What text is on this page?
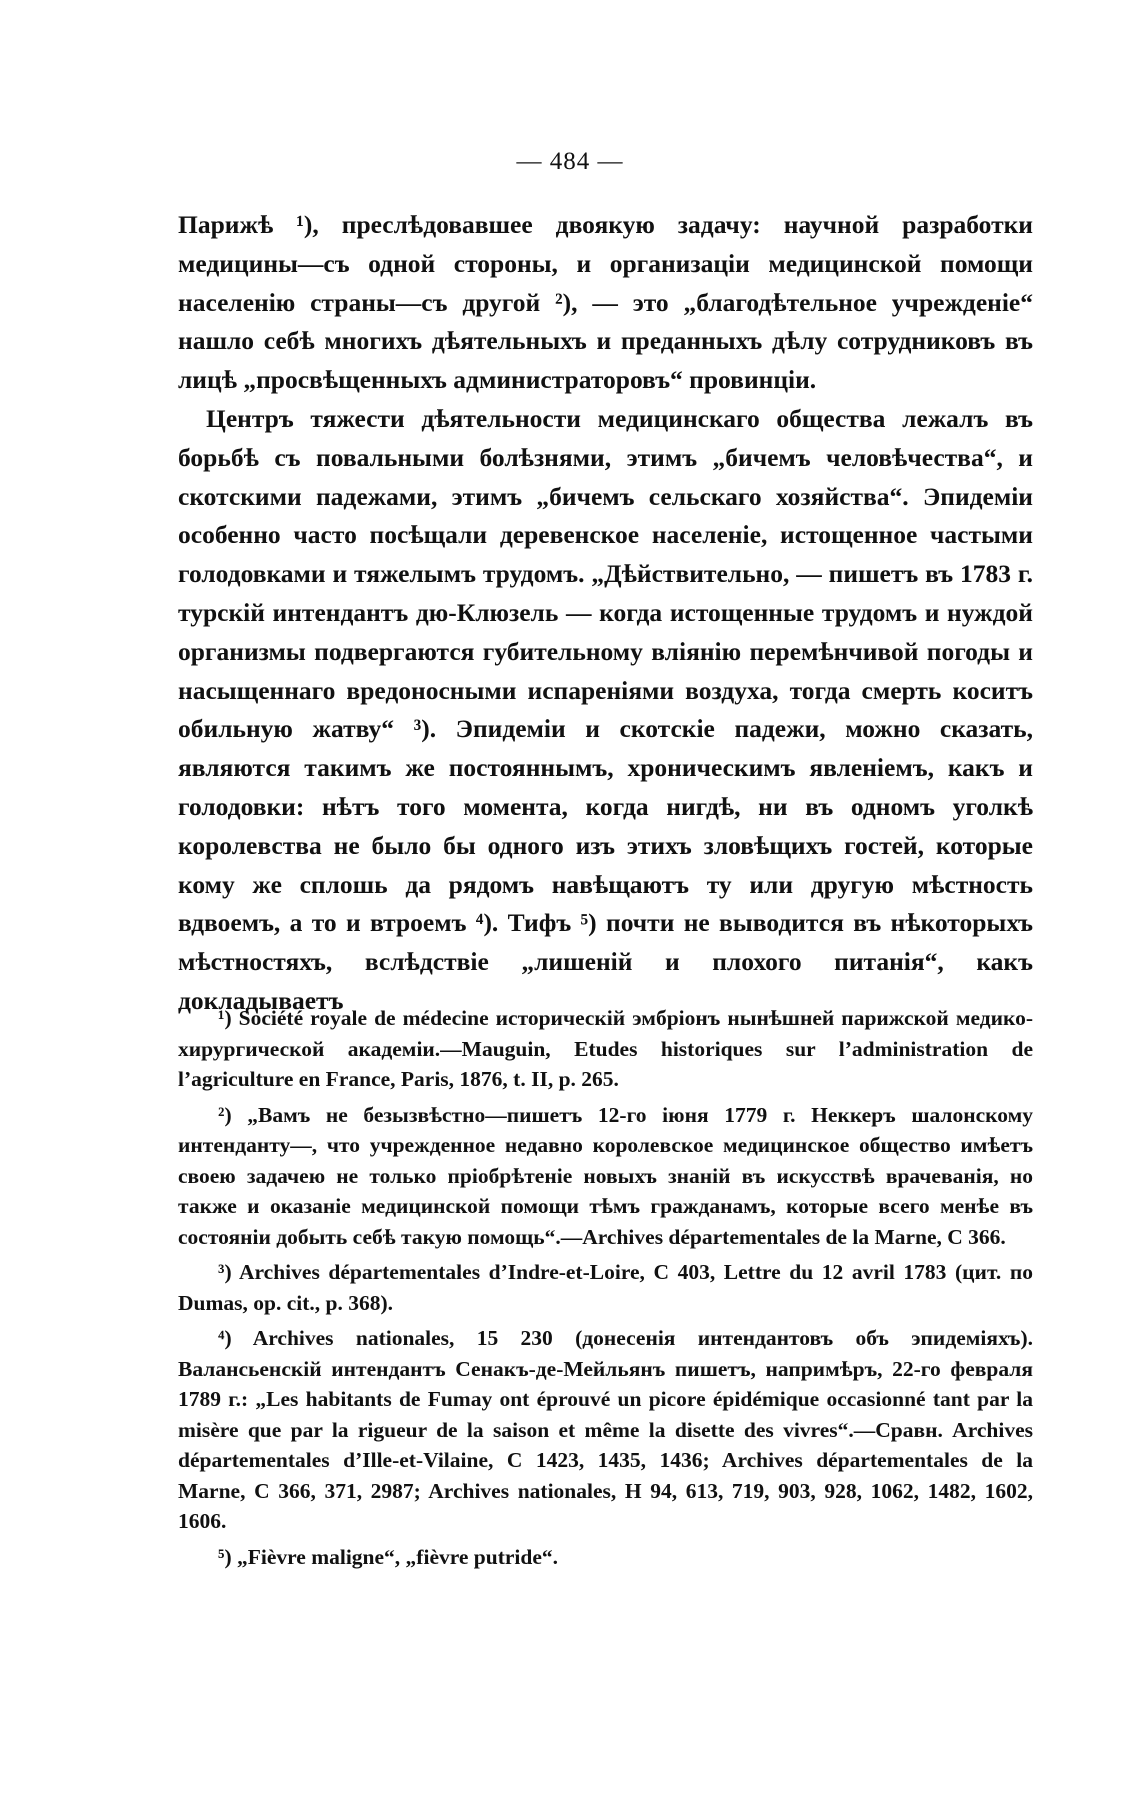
— 484 —

Парижѣ ¹), преслѣдовавшее двоякую задачу: научной разработки медицины—съ одной стороны, и организаціи медицинской помощи населенію страны—съ другой ²), — это „благодѣтельное учрежденіе“ нашло себѣ многихъ дѣятельныхъ и преданныхъ дѣлу сотрудниковъ въ лицѣ „просвѣщенныхъ администраторовъ“ провинціи.

Центръ тяжести дѣятельности медицинскаго общества лежалъ въ борьбѣ съ повальными болѣзнями, этимъ „бичемъ человѣчества“, и скотскими падежами, этимъ „бичемъ сельскаго хозяйства“. Эпидеміи особенно часто посѣщали деревенское населеніе, истощенное частыми голодовками и тяжелымъ трудомъ. „Дѣйствительно, — пишетъ въ 1783 г. турскій интендантъ дю-Клюзель — когда истощенные трудомъ и нуждой организмы подвергаются губительному вліянію перемѣнчивой погоды и насыщеннаго вредоносными испареніями воздуха, тогда смерть коситъ обильную жатву“ ³). Эпидеміи и скотскіе падежи, можно сказать, являются такимъ же постояннымъ, хроническимъ явленіемъ, какъ и голодовки: нѣтъ того момента, когда нигдѣ, ни въ одномъ уголкѣ королевства не было бы одного изъ этихъ зловѣщихъ гостей, которые кому же сплошь да рядомъ навѣщаютъ ту или другую мѣстность вдвоемъ, а то и втроемъ ⁴). Тифъ ⁵) почти не выводится въ нѣкоторыхъ мѣстностяхъ, вслѣдствіе „лишеній и плохого питанія“, какъ докладываетъ

¹) Société royale de médecine историческій эмбріонъ нынѣшней парижской медико-хирургической академіи.—Mauguin, Etudes historiques sur l’administration de l’agriculture en France, Paris, 1876, t. II, p. 265.

²) „Вамъ не безызвѣстно—пишетъ 12-го іюня 1779 г. Неккеръ шалонскому интенданту—, что учрежденное недавно королевское медицинское общество имѣетъ своею задачею не только пріобрѣтеніе новыхъ знаній въ искусствѣ врачеванія, но также и оказаніе медицинской помощи тѣмъ гражданамъ, которые всего менѣе въ состояніи добыть себѣ такую помощь“.—Archives départementales de la Marne, C 366.

³) Archives départementales d’Indre-et-Loire, C 403, Lettre du 12 avril 1783 (цит. по Dumas, op. cit., p. 368).

⁴) Archives nationales, 15 230 (донесенія интендантовъ объ эпидеміяхъ). Валансьенскій интендантъ Сенакъ-де-Мейльянъ пишетъ, напримѣръ, 22-го февраля 1789 г.: „Les habitants de Fumay ont éprouvé un picore épidémique occasionné tant par la misère que par la rigueur de la saison et même la disette des vivres“.—Сравн. Archives départementales d’Ille-et-Vilaine, C 1423, 1435, 1436; Archives départementales de la Marne, C 366, 371, 2987; Archives nationales, H 94, 613, 719, 903, 928, 1062, 1482, 1602, 1606.

⁵) „Fièvre maligne“, „fièvre putride“.
